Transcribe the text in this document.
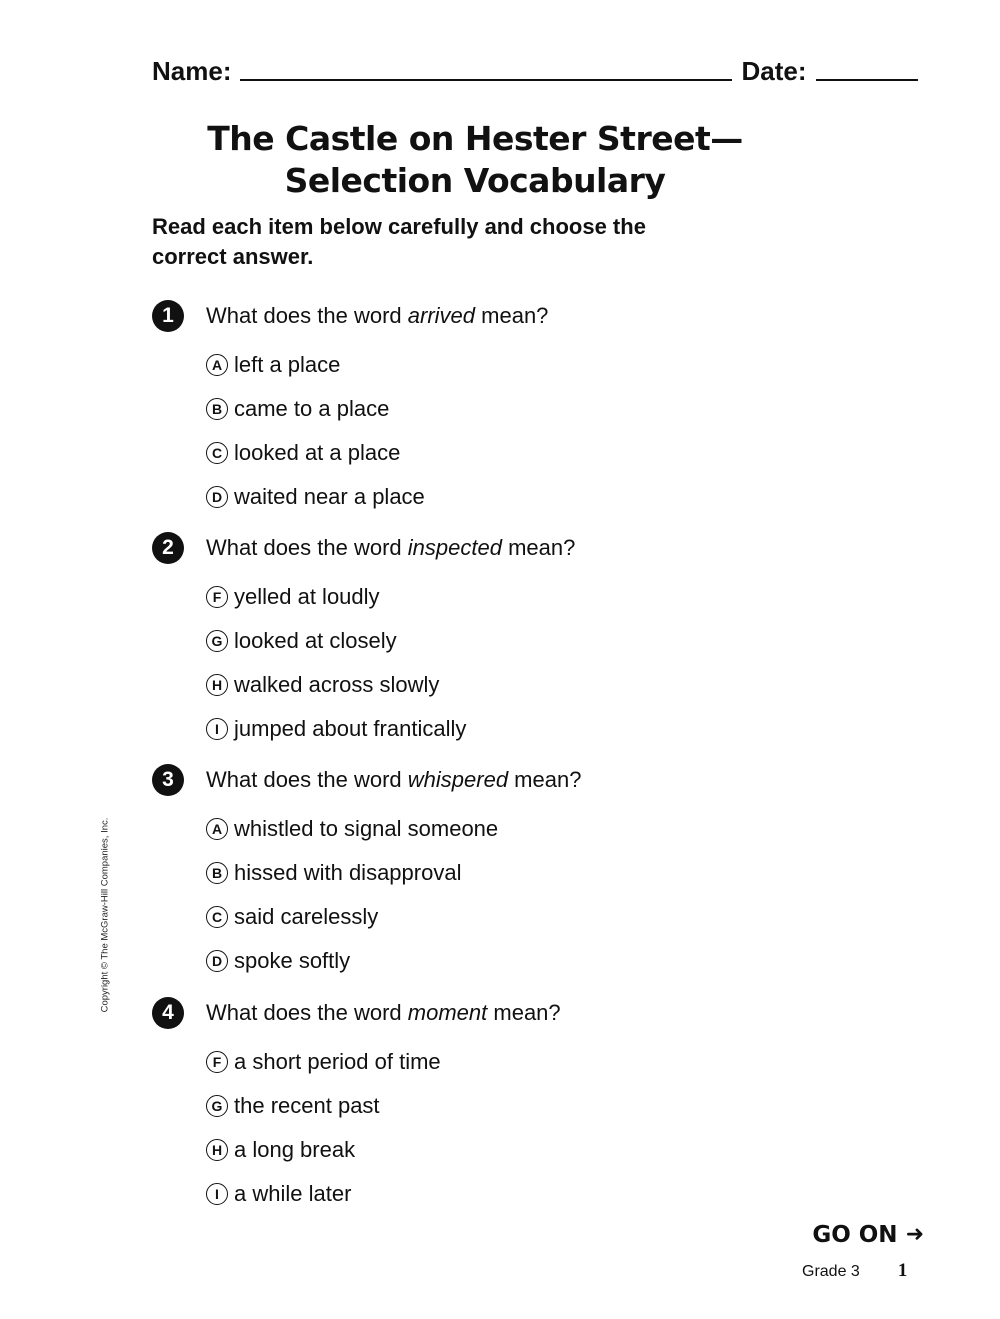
Name:	Date:
The Castle on Hester Street—
Selection Vocabulary
Read each item below carefully and choose the
correct answer.
1	What does the word arrived mean?
A left a place
B came to a place
C looked at a place
D waited near a place
2	What does the word inspected mean?
F yelled at loudly
G looked at closely
H walked across slowly
I jumped about frantically
3	What does the word whispered mean?
A whistled to signal someone
B hissed with disapproval
C said carelessly
D spoke softly
4	What does the word moment mean?
F a short period of time
G the recent past
H a long break
I a while later
Copyright © The McGraw-Hill Companies, Inc.
GO ON ➜
Grade 3 1
